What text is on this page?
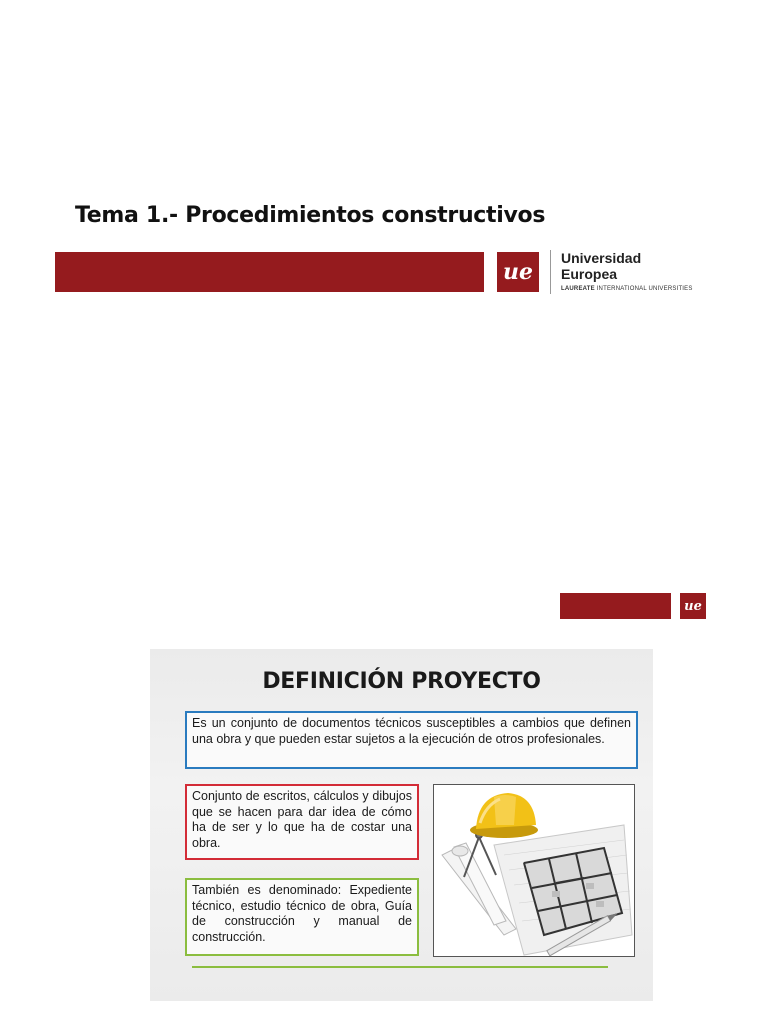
Tema 1.- Procedimientos constructivos
ue
Universidad
Europea
LAUREATE INTERNATIONAL UNIVERSITIES
ue
DEFINICIÓN PROYECTO
Es un conjunto de documentos técnicos susceptibles a cambios que definen una obra y que pueden estar sujetos a la ejecución de otros profesionales.
Conjunto de escritos, cálculos y dibujos que se hacen para dar idea de cómo ha de ser y lo que ha de costar una obra.
También es denominado: Expediente técnico, estudio técnico de obra, Guía de construcción y manual de construcción.
